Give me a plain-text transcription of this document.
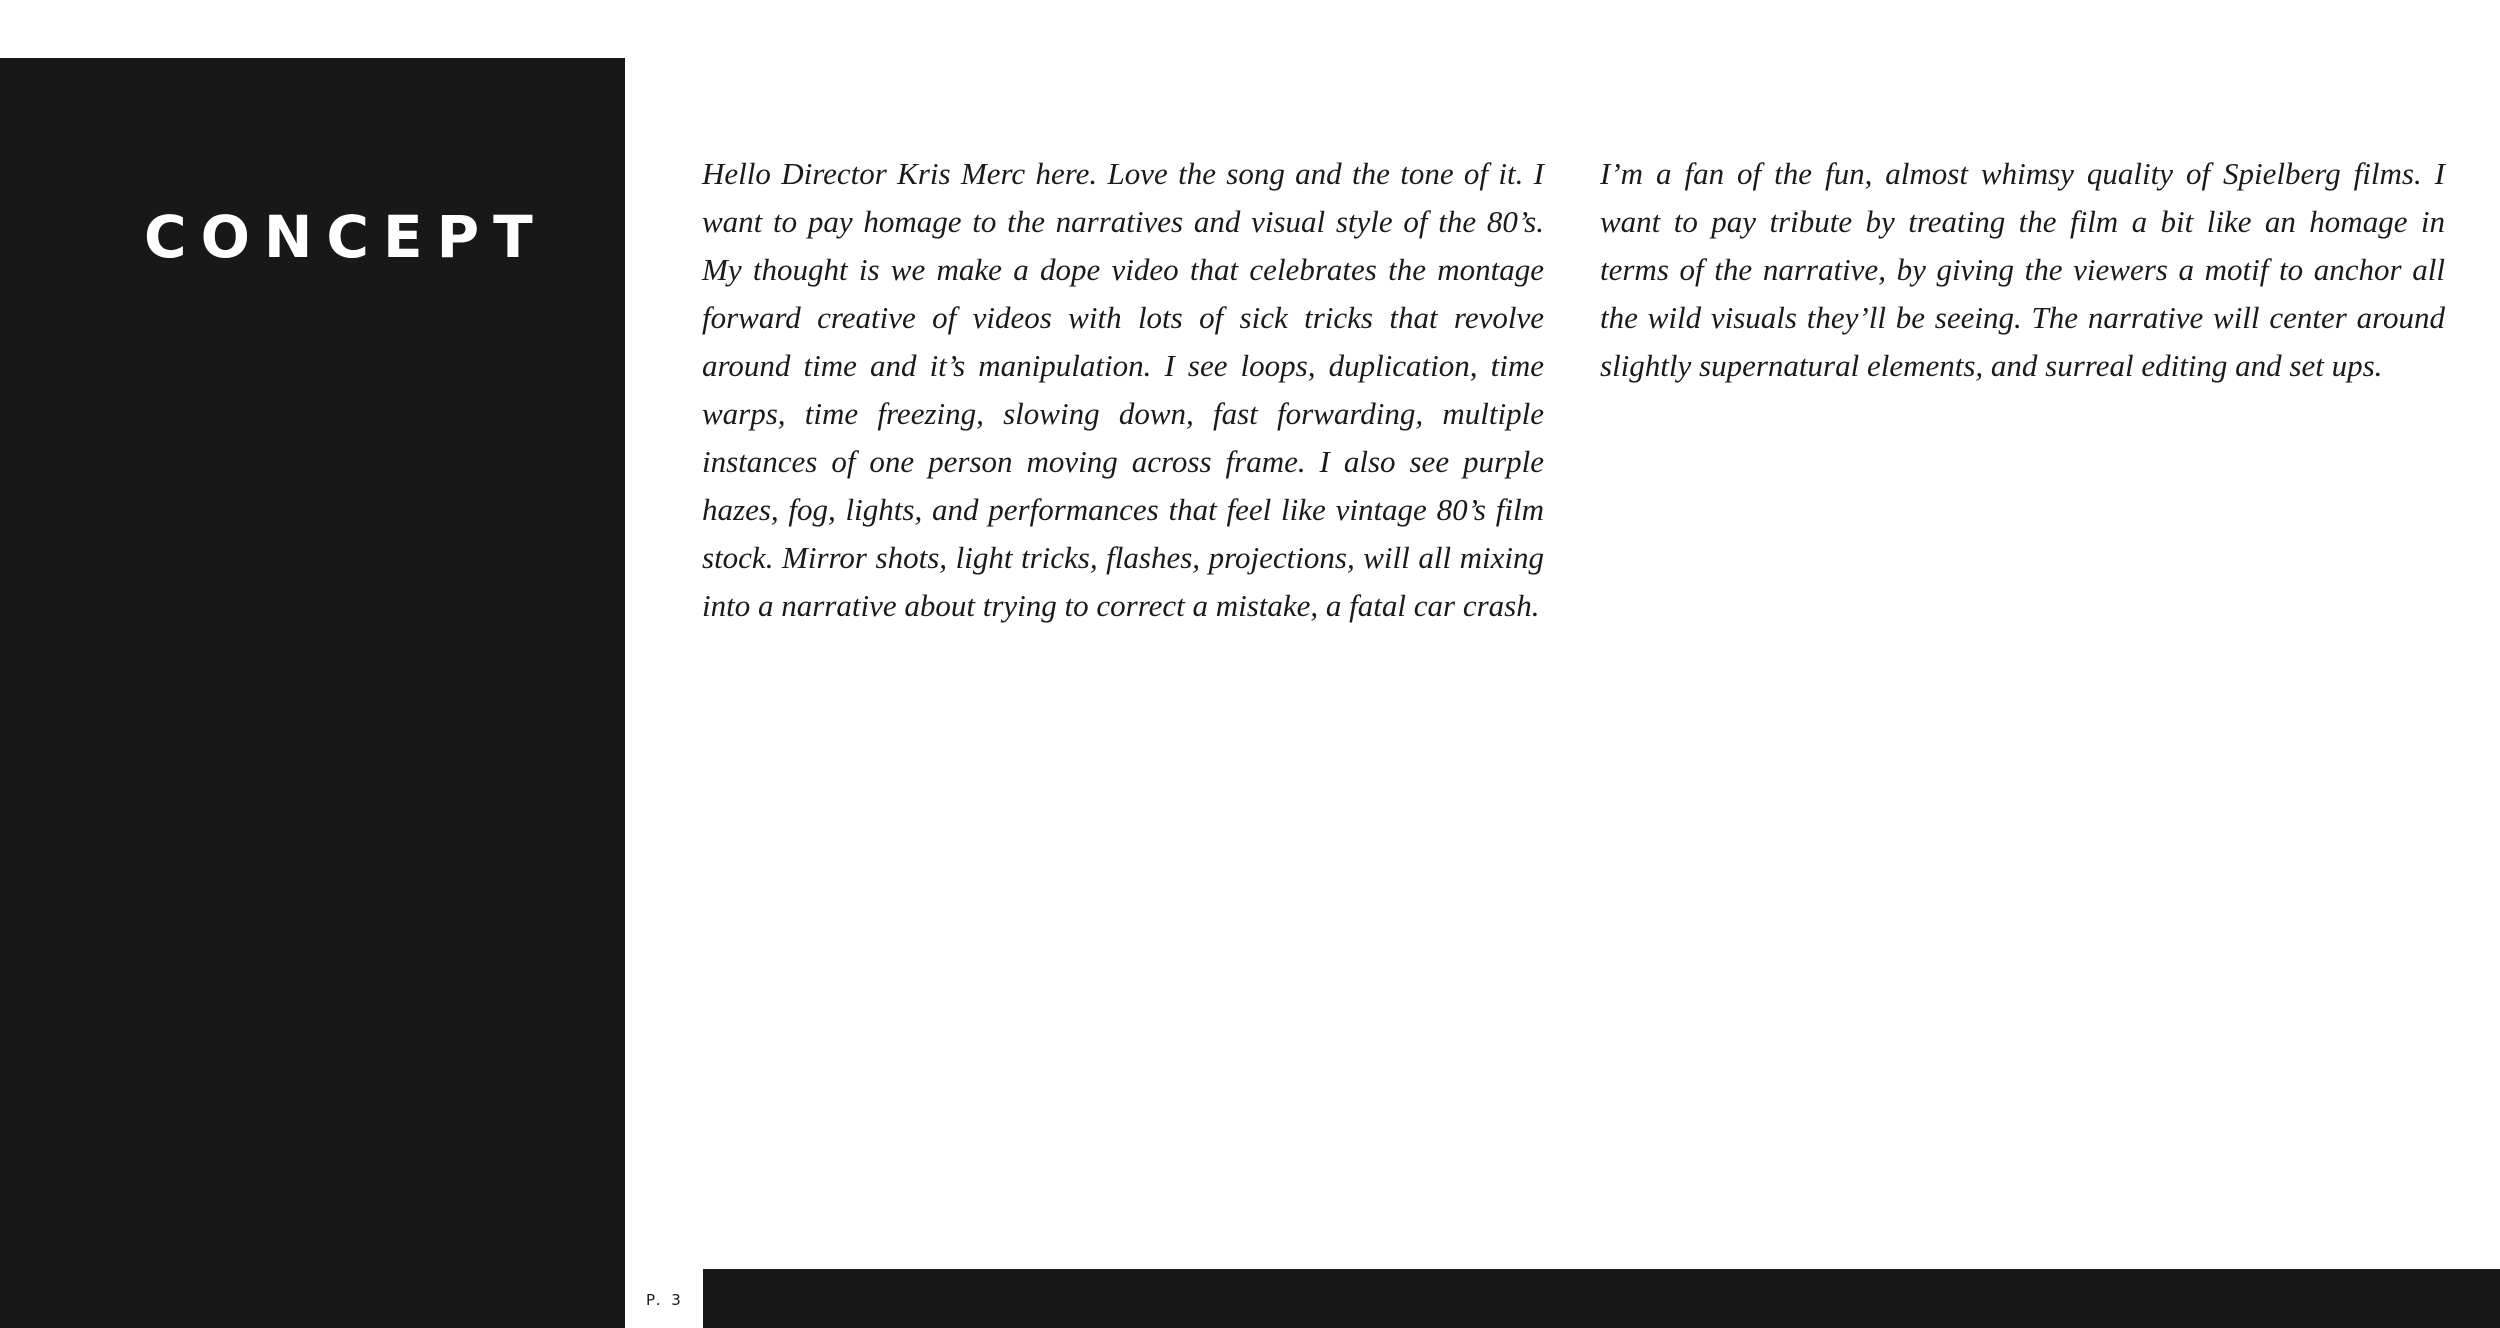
CONCEPT

Hello Director Kris Merc here. Love the song and the tone of it. I want to pay homage to the narratives and visual style of the 80’s. My thought is we make a dope video that celebrates the montage forward creative of videos with lots of sick tricks that revolve around time and it’s manipulation. I see loops, duplication, time warps, time freezing, slowing down, fast forwarding, multiple instances of one person moving across frame. I also see purple hazes, fog, lights, and performances that feel like vintage 80’s film stock. Mirror shots, light tricks, flashes, projections, will all mixing into a narrative about trying to correct a mistake, a fatal car crash.

I’m a fan of the fun, almost whimsy quality of Spielberg films. I want to pay tribute by treating the film a bit like an homage in terms of the narrative, by giving the viewers a motif to anchor all the wild visuals they’ll be seeing. The narrative will center around slightly supernatural elements, and surreal editing and set ups.

P. 3
